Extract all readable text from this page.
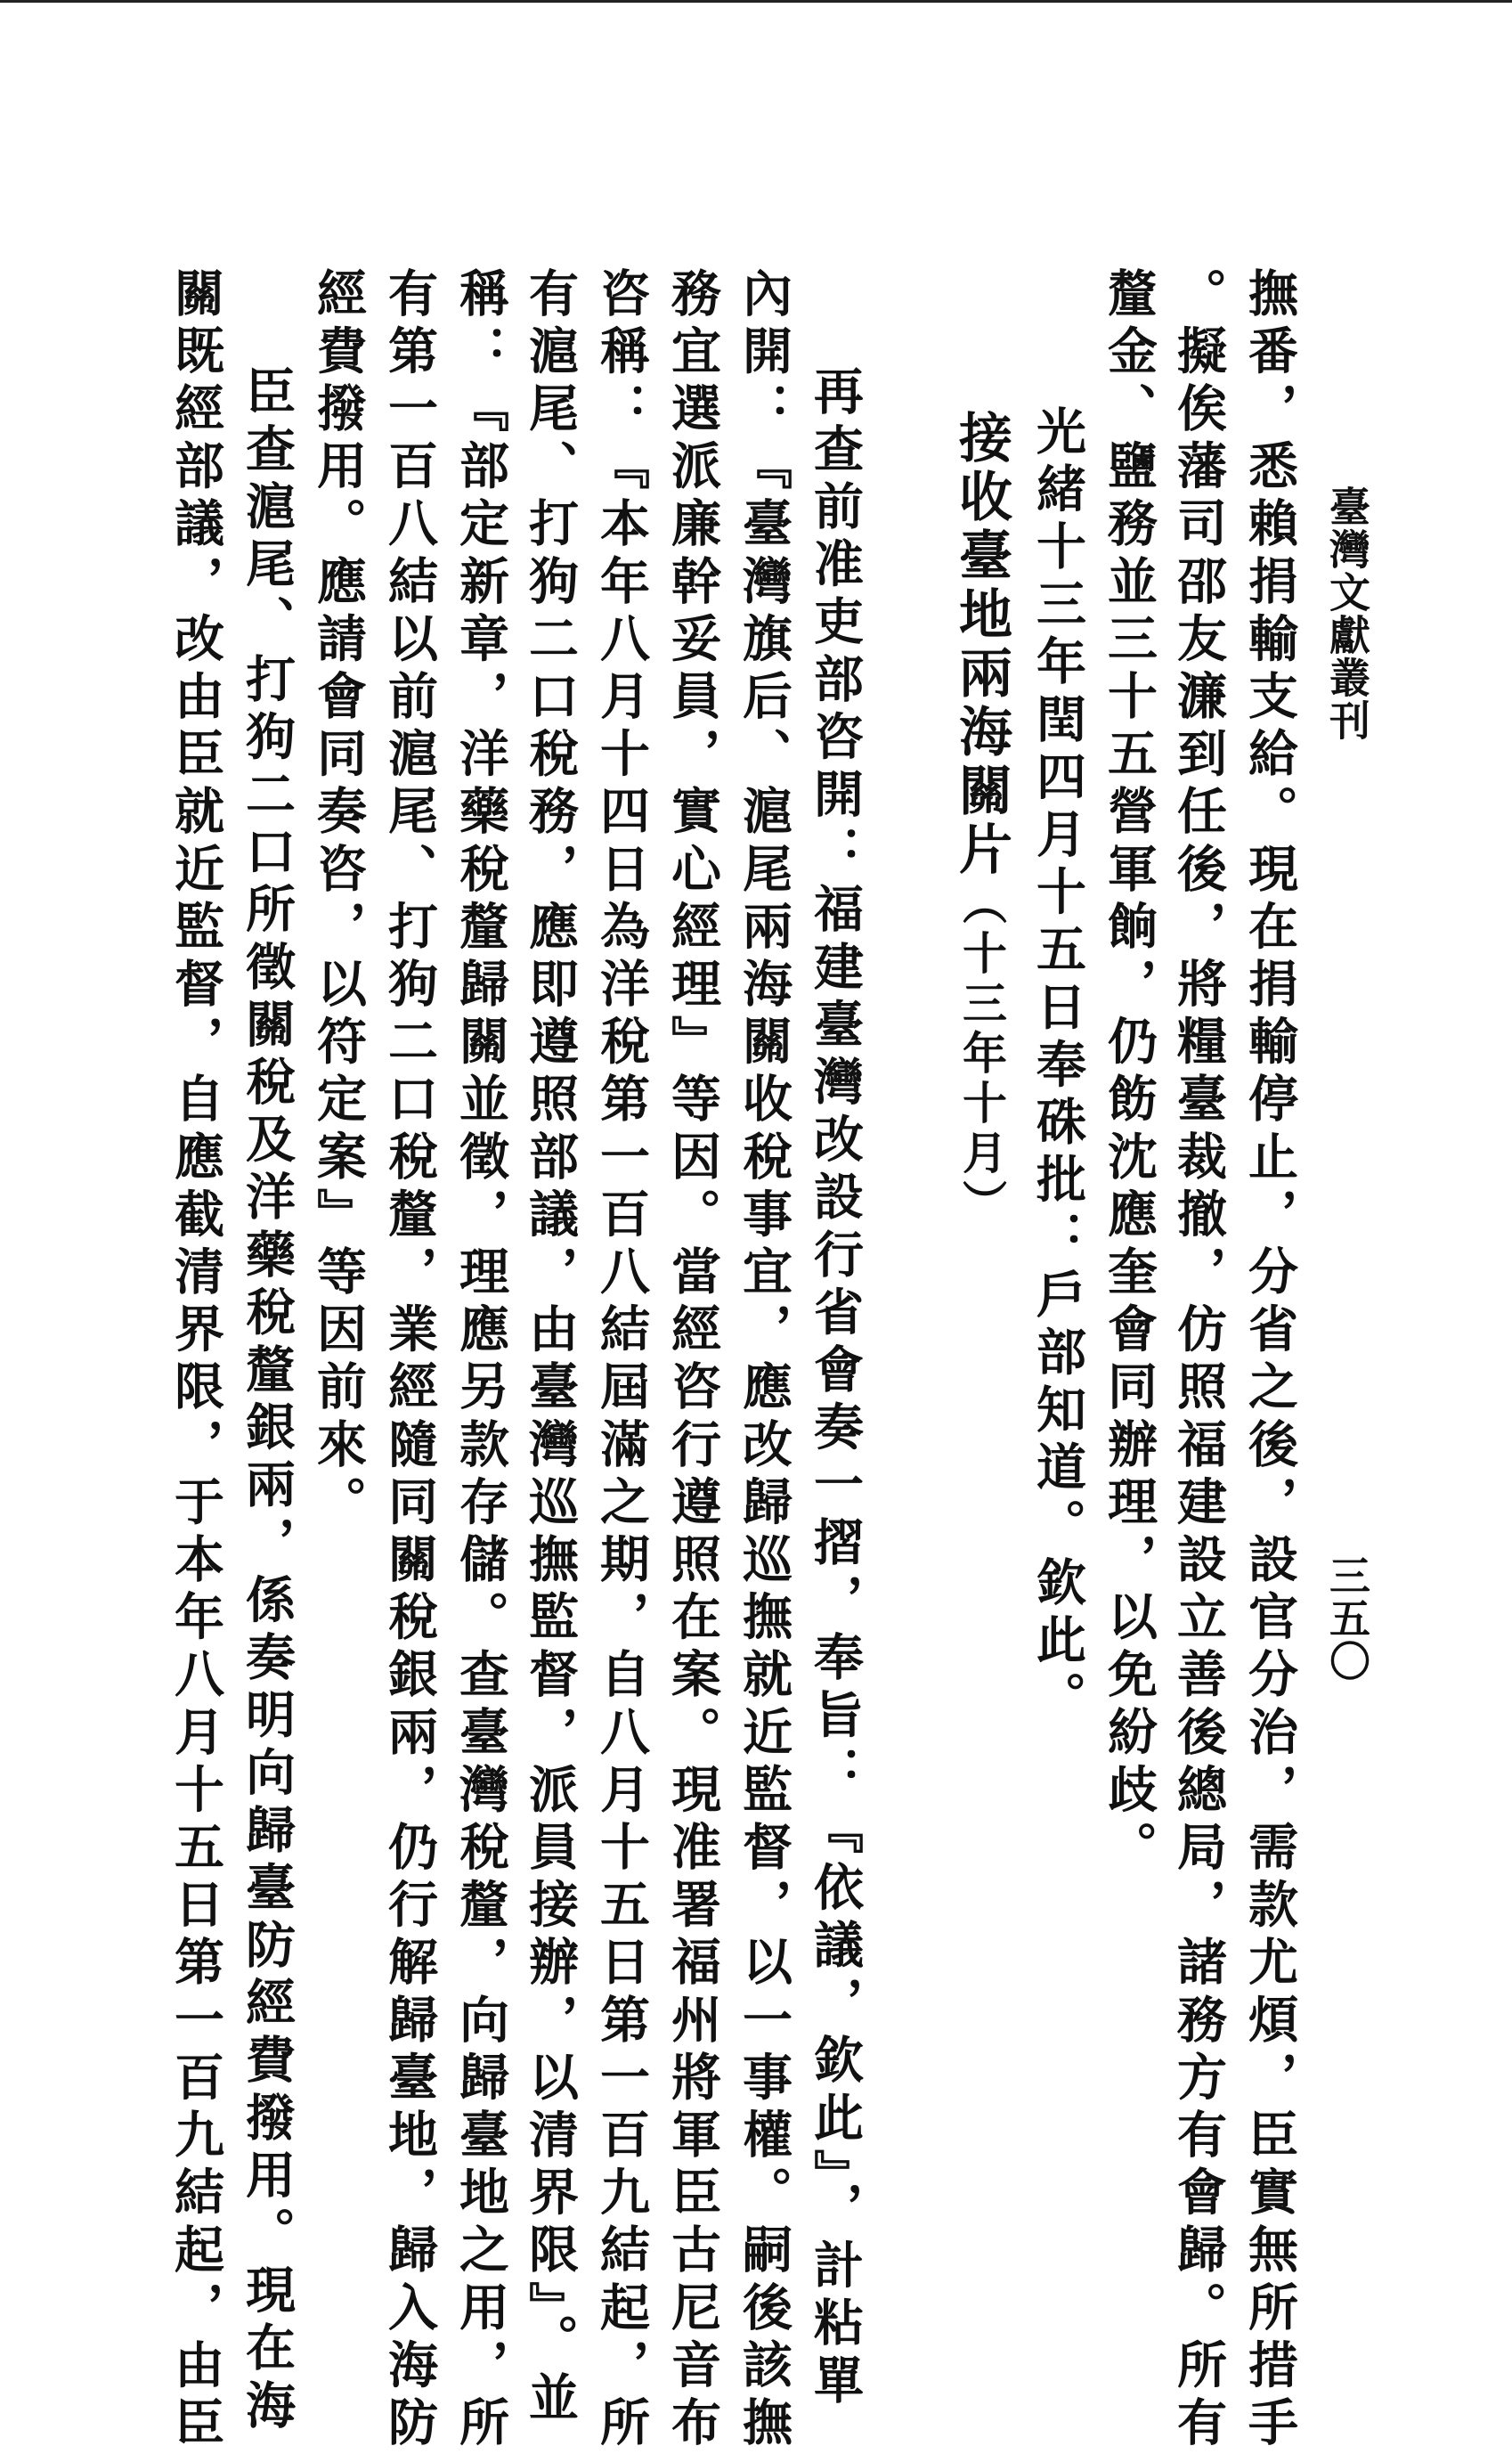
臺灣文獻叢刊
三五〇
撫番，悉賴捐輸支給。現在捐輸停止，分省之後，設官分治，需款尤煩，臣實無所措手
。擬俟藩司邵友濂到任後，將糧臺裁撤，仿照福建設立善後總局，諸務方有會歸。所有
釐金、鹽務並三十五營軍餉，仍飭沈應奎會同辦理，以免紛歧。
光緒十三年閏四月十五日奉硃批：戶部知道。欽此。
接收臺地兩海關片（十三年十月）
再查前准吏部咨開：福建臺灣改設行省會奏一摺，奉旨：『依議，欽此』，計粘單
內開：『臺灣旗后、滬尾兩海關收稅事宜，應改歸巡撫就近監督，以一事權。嗣後該撫
務宜選派廉幹妥員，實心經理』等因。當經咨行遵照在案。現准署福州將軍臣古尼音布
咨稱：『本年八月十四日為洋稅第一百八結屆滿之期，自八月十五日第一百九結起，所
有滬尾、打狗二口稅務，應即遵照部議，由臺灣巡撫監督，派員接辦，以清界限』。並
稱：『部定新章，洋藥稅釐歸關並徵，理應另款存儲。查臺灣稅釐，向歸臺地之用，所
有第一百八結以前滬尾、打狗二口稅釐，業經隨同關稅銀兩，仍行解歸臺地，歸入海防
經費撥用。應請會同奏咨，以符定案』等因前來。
臣查滬尾、打狗二口所徵關稅及洋藥稅釐銀兩，係奏明向歸臺防經費撥用。現在海
關既經部議，改由臣就近監督，自應截清界限，于本年八月十五日第一百九結起，由臣
